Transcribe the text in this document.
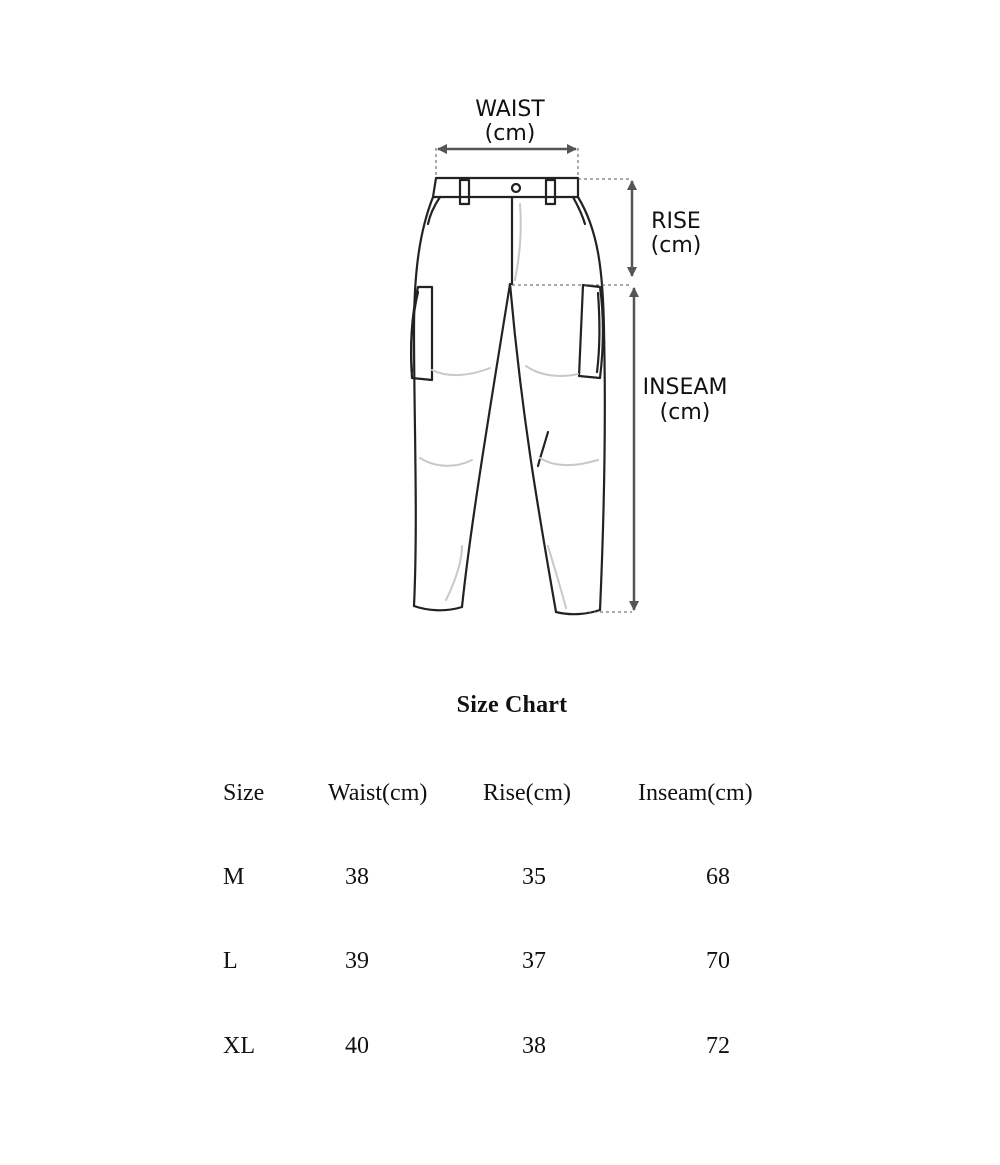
WAIST
(cm)
RISE
(cm)
INSEAM
(cm)
Size Chart
Size	Waist(cm) Rise(cm)	Inseam(cm)
M	38	35	68
L	39	37	70
XL	40	38	72
